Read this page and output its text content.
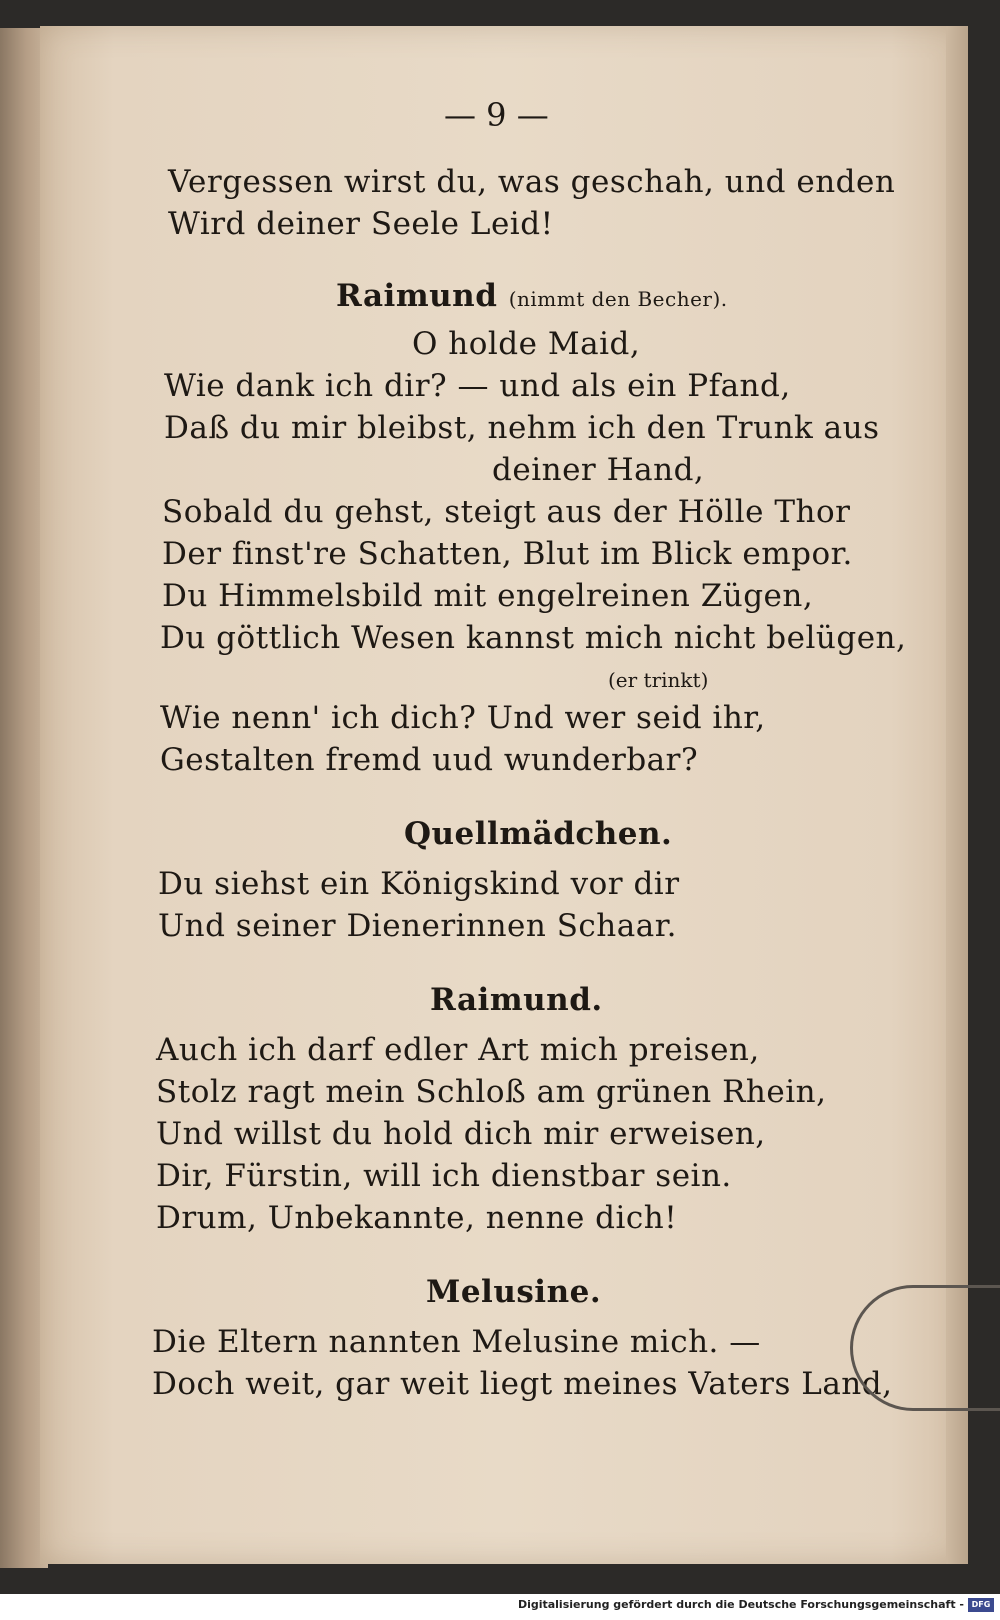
— 9 —
Vergessen wirst du, was geschah, und enden
Wird deiner Seele Leid!
Raimund (nimmt den Becher).
O holde Maid,
Wie dank ich dir? — und als ein Pfand,
Daß du mir bleibst, nehm ich den Trunk aus
deiner Hand,
Sobald du gehst, steigt aus der Hölle Thor
Der finst're Schatten, Blut im Blick empor.
Du Himmelsbild mit engelreinen Zügen,
Du göttlich Wesen kannst mich nicht belügen,
(er trinkt)
Wie nenn' ich dich? Und wer seid ihr,
Gestalten fremd uud wunderbar?
Quellmädchen.
Du siehst ein Königskind vor dir
Und seiner Dienerinnen Schaar.
Raimund.
Auch ich darf edler Art mich preisen,
Stolz ragt mein Schloß am grünen Rhein,
Und willst du hold dich mir erweisen,
Dir, Fürstin, will ich dienstbar sein.
Drum, Unbekannte, nenne dich!
Melusine.
Die Eltern nannten Melusine mich. —
Doch weit, gar weit liegt meines Vaters Land,
Digitalisierung gefördert durch die Deutsche Forschungsgemeinschaft - DFG
